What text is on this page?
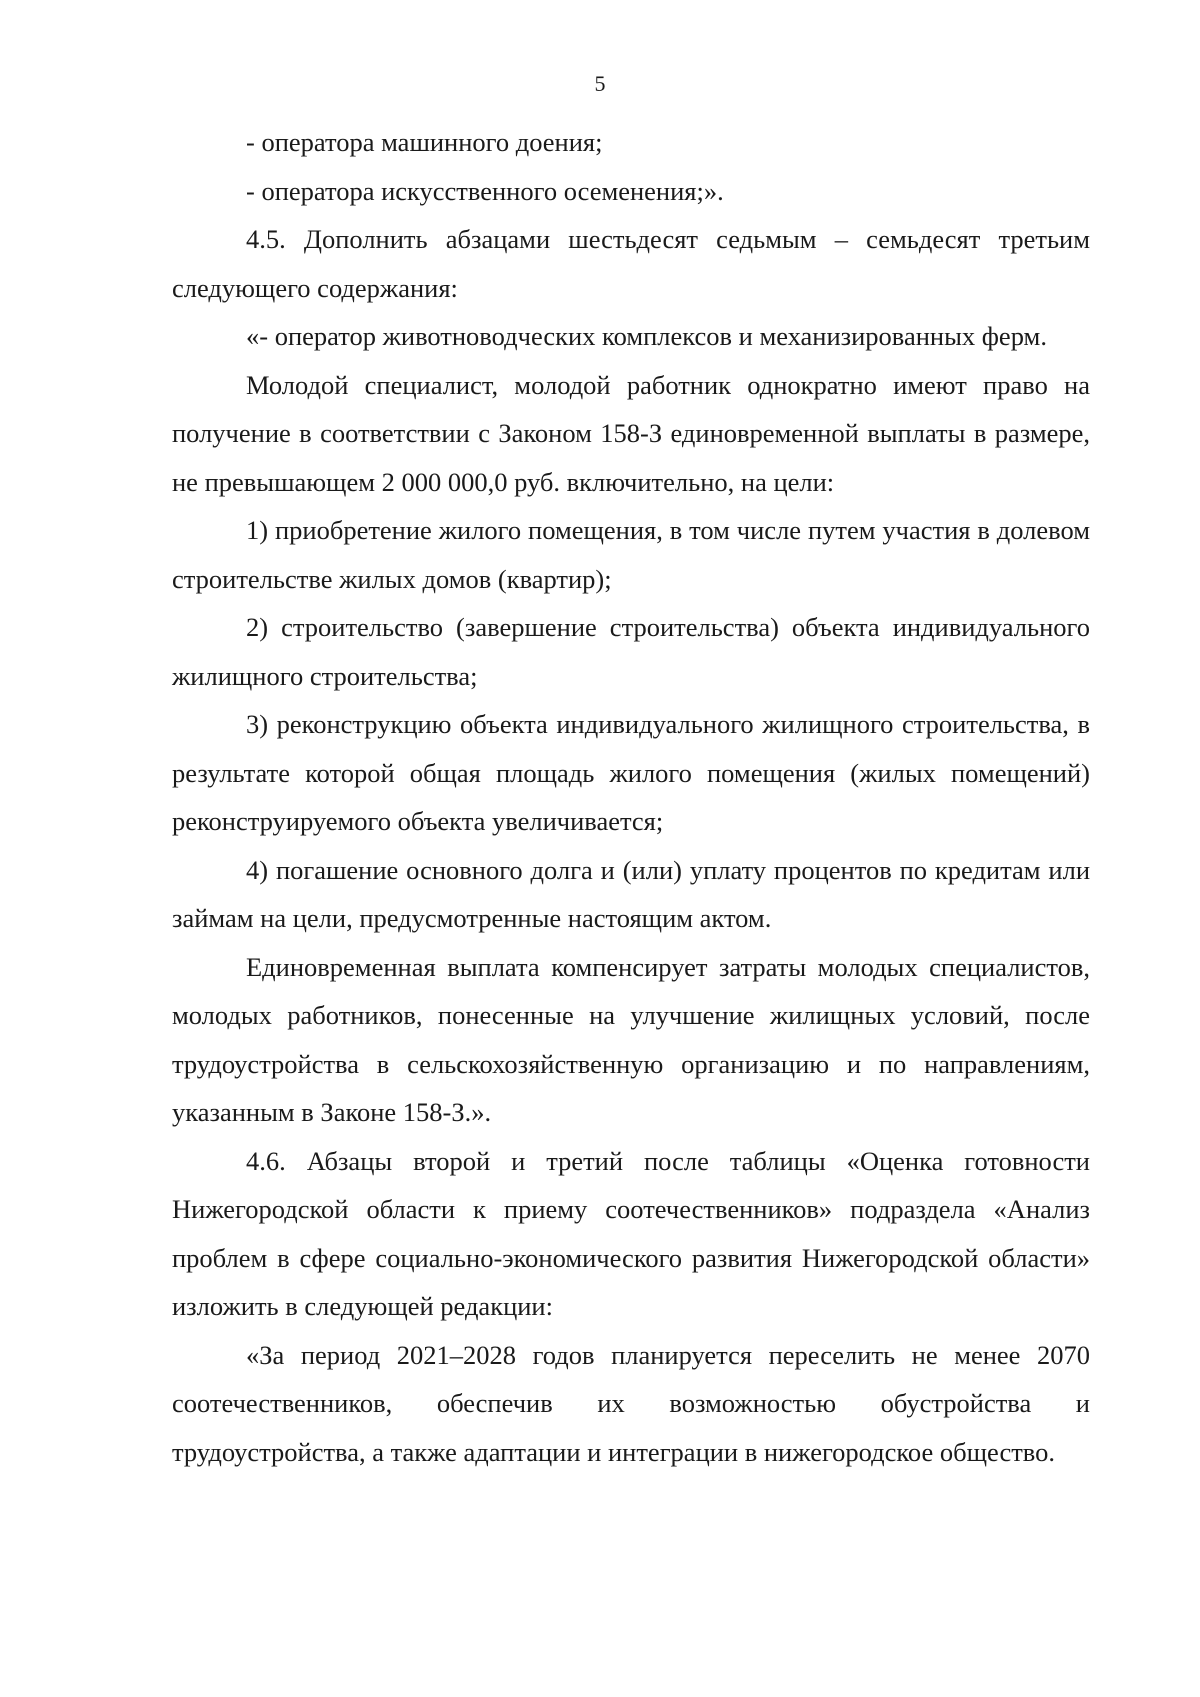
5

- оператора машинного доения;

- оператора искусственного осеменения;».

4.5. Дополнить абзацами шестьдесят седьмым – семьдесят третьим следующего содержания:

«- оператор животноводческих комплексов и механизированных ферм.

Молодой специалист, молодой работник однократно имеют право на получение в соответствии с Законом 158-З единовременной выплаты в размере, не превышающем 2 000 000,0 руб. включительно, на цели:

1) приобретение жилого помещения, в том числе путем участия в долевом строительстве жилых домов (квартир);

2) строительство (завершение строительства) объекта индивидуального жилищного строительства;

3) реконструкцию объекта индивидуального жилищного строительства, в результате которой общая площадь жилого помещения (жилых помещений) реконструируемого объекта увеличивается;

4) погашение основного долга и (или) уплату процентов по кредитам или займам на цели, предусмотренные настоящим актом.

Единовременная выплата компенсирует затраты молодых специалистов, молодых работников, понесенные на улучшение жилищных условий, после трудоустройства в сельскохозяйственную организацию и по направлениям, указанным в Законе 158-З.».

4.6. Абзацы второй и третий после таблицы «Оценка готовности Нижегородской области к приему соотечественников» подраздела «Анализ проблем в сфере социально-экономического развития Нижегородской области» изложить в следующей редакции:

«За период 2021–2028 годов планируется переселить не менее 2070 соотечественников, обеспечив их возможностью обустройства и трудоустройства, а также адаптации и интеграции в нижегородское общество.
